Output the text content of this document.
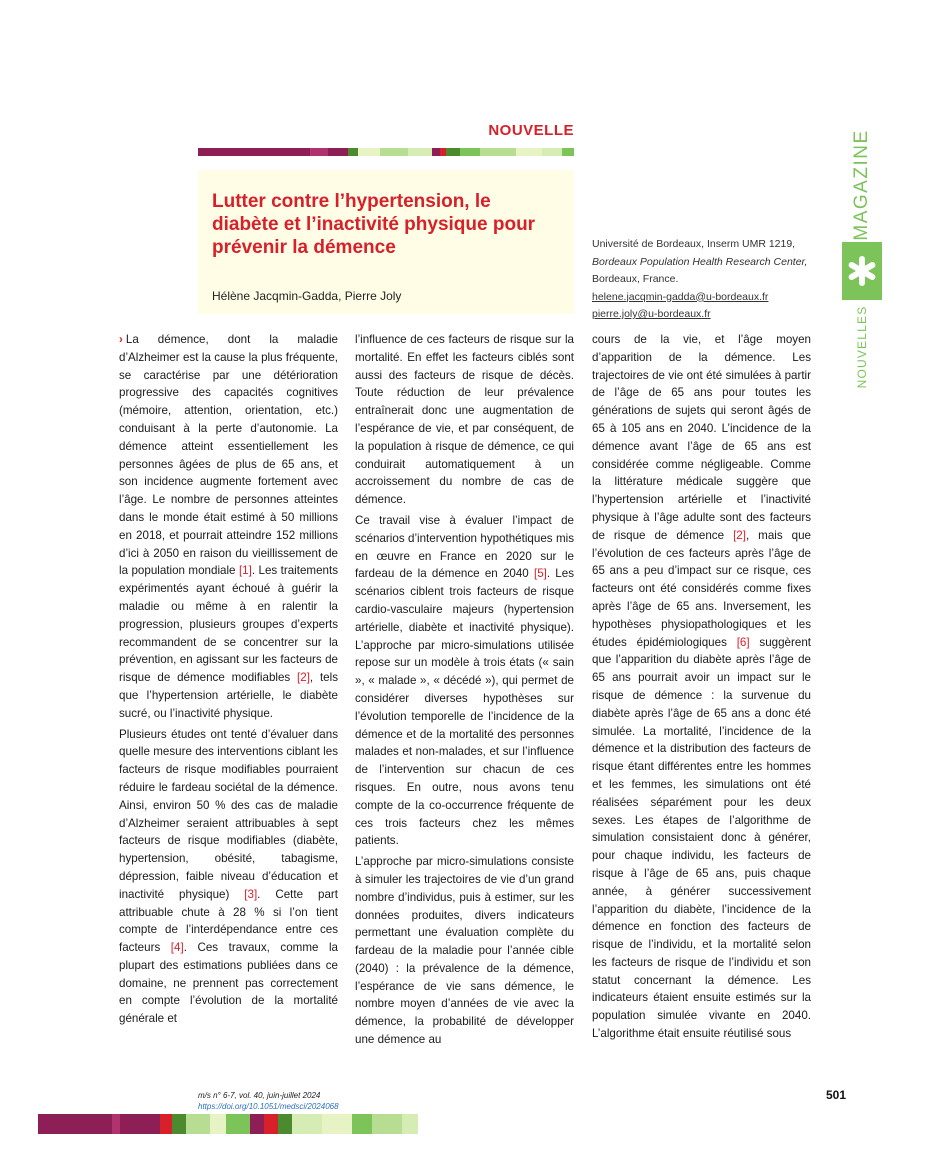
NOUVELLE
Lutter contre l’hypertension, le diabète et l’inactivité physique pour prévenir la démence
Hélène Jacqmin-Gadda, Pierre Joly
Université de Bordeaux, Inserm UMR 1219,
Bordeaux Population Health Research Center,
Bordeaux, France.
helene.jacqmin-gadda@u-bordeaux.fr
pierre.joly@u-bordeaux.fr
MAGAZINE
NOUVELLES

› La démence, dont la maladie d’Alzheimer est la cause la plus fréquente, se caractérise par une détérioration progressive des capacités cognitives (mémoire, attention, orientation, etc.) conduisant à la perte d’autonomie. La démence atteint essentiellement les personnes âgées de plus de 65 ans, et son incidence augmente fortement avec l’âge. Le nombre de personnes atteintes dans le monde était estimé à 50 millions en 2018, et pourrait atteindre 152 millions d’ici à 2050 en raison du vieillissement de la population mondiale [1]. Les traitements expérimentés ayant échoué à guérir la maladie ou même à en ralentir la progression, plusieurs groupes d’experts recommandent de se concentrer sur la prévention, en agissant sur les facteurs de risque de démence modifiables [2], tels que l’hypertension artérielle, le diabète sucré, ou l’inactivité physique.

Plusieurs études ont tenté d’évaluer dans quelle mesure des interventions ciblant les facteurs de risque modifiables pourraient réduire le fardeau sociétal de la démence. Ainsi, environ 50 % des cas de maladie d’Alzheimer seraient attribuables à sept facteurs de risque modifiables (diabète, hypertension, obésité, tabagisme, dépression, faible niveau d’éducation et inactivité physique) [3]. Cette part attribuable chute à 28 % si l’on tient compte de l’interdépendance entre ces facteurs [4]. Ces travaux, comme la plupart des estimations publiées dans ce domaine, ne prennent pas correctement en compte l’évolution de la mortalité générale et

l’influence de ces facteurs de risque sur la mortalité. En effet les facteurs ciblés sont aussi des facteurs de risque de décès. Toute réduction de leur prévalence entraînerait donc une augmentation de l’espérance de vie, et par conséquent, de la population à risque de démence, ce qui conduirait automatiquement à un accroissement du nombre de cas de démence.

Ce travail vise à évaluer l’impact de scénarios d’intervention hypothétiques mis en œuvre en France en 2020 sur le fardeau de la démence en 2040 [5]. Les scénarios ciblent trois facteurs de risque cardio-vasculaire majeurs (hypertension artérielle, diabète et inactivité physique). L’approche par micro-simulations utilisée repose sur un modèle à trois états (« sain », « malade », « décédé »), qui permet de considérer diverses hypothèses sur l’évolution temporelle de l’incidence de la démence et de la mortalité des personnes malades et non-malades, et sur l’influence de l’intervention sur chacun de ces risques. En outre, nous avons tenu compte de la co-occurrence fréquente de ces trois facteurs chez les mêmes patients.

L’approche par micro-simulations consiste à simuler les trajectoires de vie d’un grand nombre d’individus, puis à estimer, sur les données produites, divers indicateurs permettant une évaluation complète du fardeau de la maladie pour l’année cible (2040) : la prévalence de la démence, l’espérance de vie sans démence, le nombre moyen d’années de vie avec la démence, la probabilité de développer une démence au

cours de la vie, et l’âge moyen d’apparition de la démence. Les trajectoires de vie ont été simulées à partir de l’âge de 65 ans pour toutes les générations de sujets qui seront âgés de 65 à 105 ans en 2040. L’incidence de la démence avant l’âge de 65 ans est considérée comme négligeable. Comme la littérature médicale suggère que l’hypertension artérielle et l’inactivité physique à l’âge adulte sont des facteurs de risque de démence [2], mais que l’évolution de ces facteurs après l’âge de 65 ans a peu d’impact sur ce risque, ces facteurs ont été considérés comme fixes après l’âge de 65 ans. Inversement, les hypothèses physiopathologiques et les études épidémiologiques [6] suggèrent que l’apparition du diabète après l’âge de 65 ans pourrait avoir un impact sur le risque de démence : la survenue du diabète après l’âge de 65 ans a donc été simulée. La mortalité, l’incidence de la démence et la distribution des facteurs de risque étant différentes entre les hommes et les femmes, les simulations ont été réalisées séparément pour les deux sexes. Les étapes de l’algorithme de simulation consistaient donc à générer, pour chaque individu, les facteurs de risque à l’âge de 65 ans, puis chaque année, à générer successivement l’apparition du diabète, l’incidence de la démence en fonction des facteurs de risque de l’individu, et la mortalité selon les facteurs de risque de l’individu et son statut concernant la démence. Les indicateurs étaient ensuite estimés sur la population simulée vivante en 2040. L’algorithme était ensuite réutilisé sous

m/s n° 6-7, vol. 40, juin-juillet 2024
https://doi.org/10.1051/medsci/2024068
501
